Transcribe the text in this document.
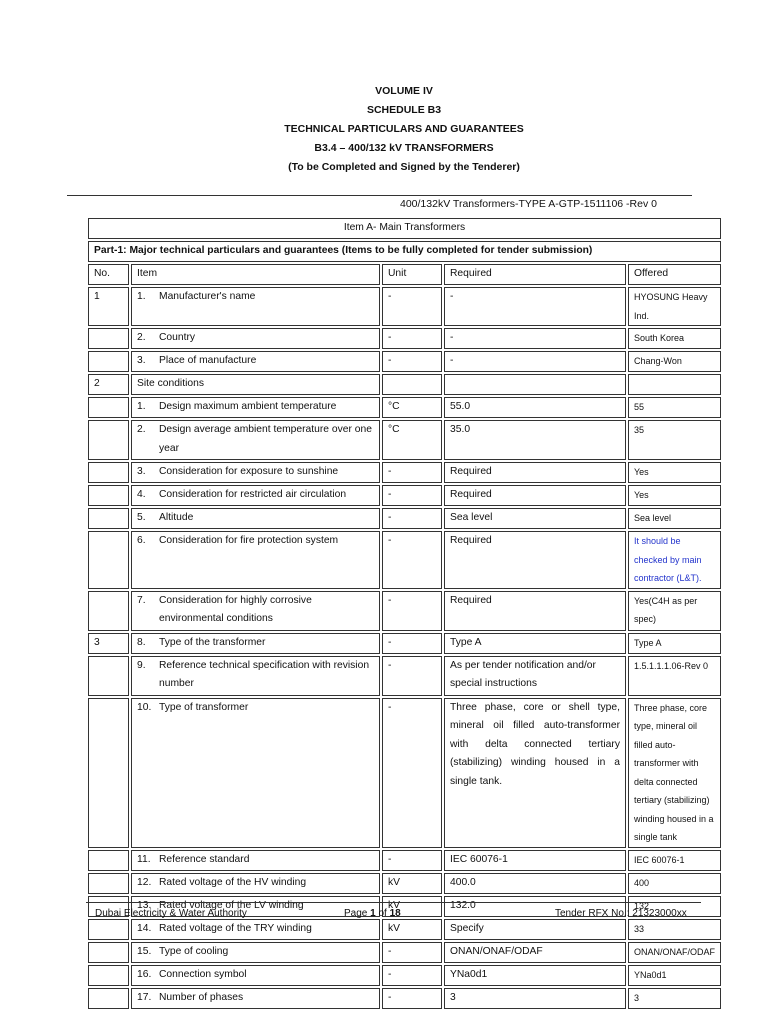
VOLUME IV
SCHEDULE B3
TECHNICAL PARTICULARS AND GUARANTEES
B3.4 – 400/132 kV TRANSFORMERS
(To be Completed and Signed by the Tenderer)
400/132kV Transformers-TYPE A-GTP-1511106 -Rev 0
Item A- Main Transformers				
Part-1: Major technical particulars and guarantees (Items to be fully completed for tender submission)				
No.	Item	Unit	Required	Offered
1	1. Manufacturer's name	-	-	HYOSUNG Heavy Ind.

	2. Country	-	-	South Korea

	3. Place of manufacture	-	-	Chang-Won
2	Site conditions			

	1. Design maximum ambient temperature	°C	55.0	55

	2. Design average ambient temperature over one year	°C	35.0	35

	3. Consideration for exposure to sunshine	-	Required	Yes

	4. Consideration for restricted air circulation	-	Required	Yes

	5. Altitude	-	Sea level	Sea level

	6. Consideration for fire protection system	-	Required	It should be checked by main contractor (L&T).

	7. Consideration for highly corrosive environmental conditions	-	Required	Yes(C4H as per spec)
3	8. Type of the transformer	-	Type A	Type A

	9. Reference technical specification with revision number	-	As per tender notification and/or special instructions	1.5.1.1.1.06-Rev 0

	10. Type of transformer	-	Three phase, core or shell type, mineral oil filled auto-transformer with delta connected tertiary (stabilizing) winding housed in a single tank.	Three phase, core type, mineral oil filled auto-transformer with delta connected tertiary (stabilizing) winding housed in a single tank

	11. Reference standard	-	IEC 60076-1	IEC 60076-1

	12. Rated voltage of the HV winding	kV	400.0	400

	13. Rated voltage of the LV winding	kV	132.0	132

	14. Rated voltage of the TRY winding	kV	Specify	33

	15. Type of cooling	-	ONAN/ONAF/ODAF	ONAN/ONAF/ODAF

	16. Connection symbol	-	YNa0d1	YNa0d1

	17. Number of phases	-	3	3
Dubai Electricity & Water Authority	Page 1 of 18	Tender RFX No.: 21323000xx
